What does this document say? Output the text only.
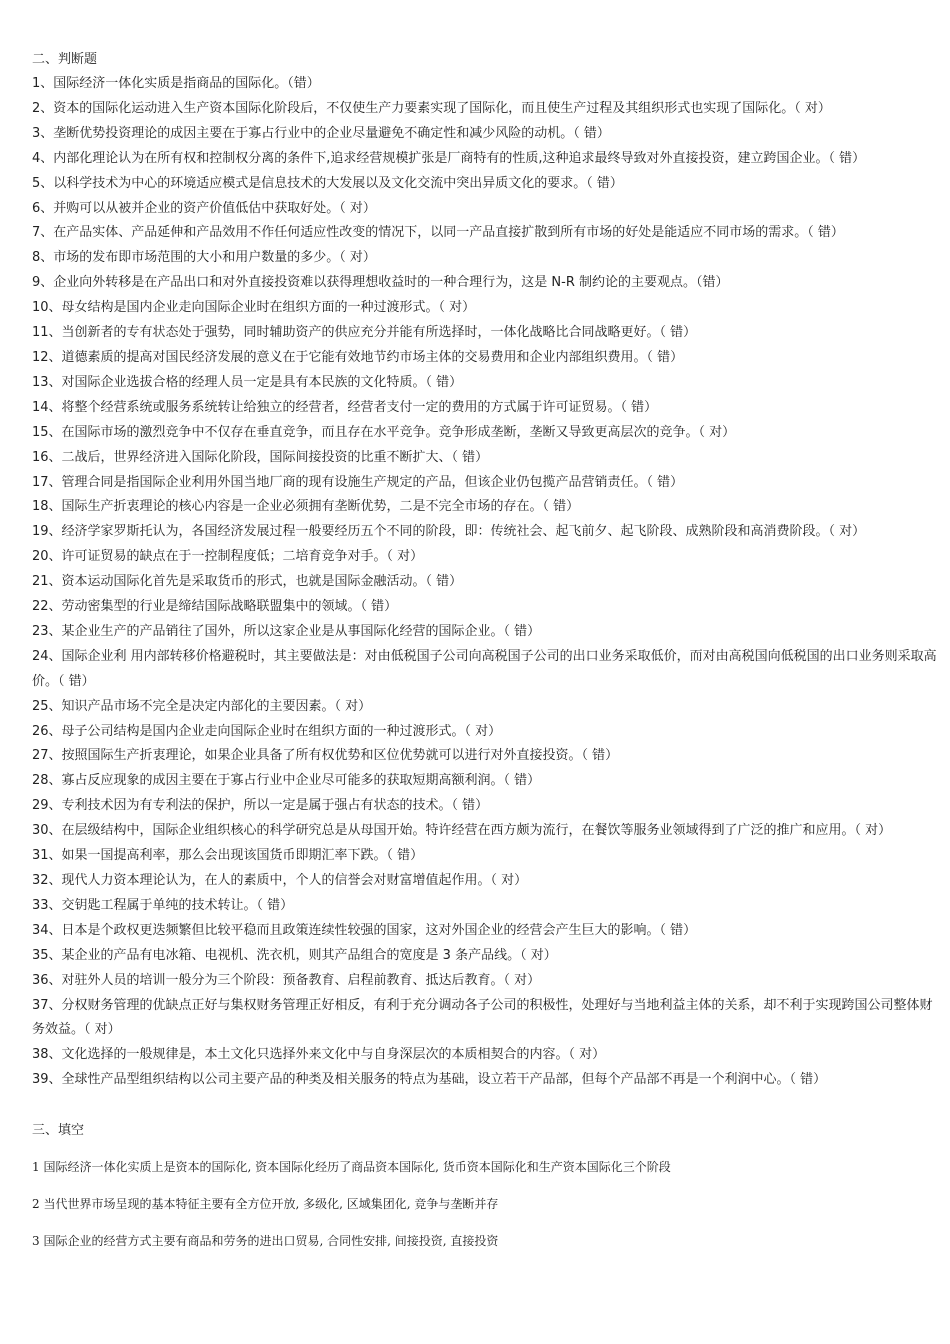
二、判断题

1、国际经济一体化实质是指商品的国际化。（错）

2、资本的国际化运动进入生产资本国际化阶段后，不仅使生产力要素实现了国际化，而且使生产过程及其组织形式也实现了国际化。（ 对）

3、垄断优势投资理论的成因主要在于寡占行业中的企业尽量避免不确定性和减少风险的动机。（ 错）

4、内部化理论认为在所有权和控制权分离的条件下,追求经营规模扩张是厂商特有的性质,这种追求最终导致对外直接投资，建立跨国企业。（ 错）

5、以科学技术为中心的环境适应模式是信息技术的大发展以及文化交流中突出异质文化的要求。（ 错）

6、并购可以从被并企业的资产价值低估中获取好处。（ 对）

7、在产品实体、产品延伸和产品效用不作任何适应性改变的情况下，以同一产品直接扩散到所有市场的好处是能适应不同市场的需求。（ 错）

8、市场的发布即市场范围的大小和用户数量的多少。（ 对）

9、企业向外转移是在产品出口和对外直接投资难以获得理想收益时的一种合理行为，这是 N-R 制约论的主要观点。（错）

10、母女结构是国内企业走向国际企业时在组织方面的一种过渡形式。（ 对）

11、当创新者的专有状态处于强势，同时辅助资产的供应充分并能有所选择时，一体化战略比合同战略更好。（ 错）

12、道德素质的提高对国民经济发展的意义在于它能有效地节约市场主体的交易费用和企业内部组织费用。（ 错）

13、对国际企业选拔合格的经理人员一定是具有本民族的文化特质。（ 错）

14、将整个经营系统或服务系统转让给独立的经营者，经营者支付一定的费用的方式属于许可证贸易。（ 错）

15、在国际市场的激烈竞争中不仅存在垂直竞争，而且存在水平竞争。竞争形成垄断，垄断又导致更高层次的竞争。（ 对）

16、二战后，世界经济进入国际化阶段，国际间接投资的比重不断扩大、（ 错）

17、管理合同是指国际企业利用外国当地厂商的现有设施生产规定的产品，但该企业仍包揽产品营销责任。（ 错）

18、国际生产折衷理论的核心内容是一企业必须拥有垄断优势，二是不完全市场的存在。（ 错）

19、经济学家罗斯托认为，各国经济发展过程一般要经历五个不同的阶段，即：传统社会、起飞前夕、起飞阶段、成熟阶段和高消费阶段。（ 对）

20、许可证贸易的缺点在于一控制程度低；二培育竞争对手。（ 对）

21、资本运动国际化首先是采取货币的形式，也就是国际金融活动。（ 错）

22、劳动密集型的行业是缔结国际战略联盟集中的领域。（ 错）

23、某企业生产的产品销往了国外，所以这家企业是从事国际化经营的国际企业。（ 错）

24、国际企业利 用内部转移价格避税时，其主要做法是：对由低税国子公司向高税国子公司的出口业务采取低价，而对由高税国向低税国的出口业务则采取高价。（ 错）

25、知识产品市场不完全是决定内部化的主要因素。（ 对）

26、母子公司结构是国内企业走向国际企业时在组织方面的一种过渡形式。（ 对）

27、按照国际生产折衷理论，如果企业具备了所有权优势和区位优势就可以进行对外直接投资。（ 错）

28、寡占反应现象的成因主要在于寡占行业中企业尽可能多的获取短期高额利润。（ 错）

29、专利技术因为有专利法的保护，所以一定是属于强占有状态的技术。（ 错）

30、在层级结构中，国际企业组织核心的科学研究总是从母国开始。特许经营在西方颇为流行，在餐饮等服务业领域得到了广泛的推广和应用。（ 对）

31、如果一国提高利率，那么会出现该国货币即期汇率下跌。（ 错）

32、现代人力资本理论认为，在人的素质中，个人的信誉会对财富增值起作用。（ 对）

33、交钥匙工程属于单纯的技术转让。（ 错）

34、日本是个政权更迭频繁但比较平稳而且政策连续性较强的国家，这对外国企业的经营会产生巨大的影响。（ 错）

35、某企业的产品有电冰箱、电视机、洗衣机，则其产品组合的宽度是 3 条产品线。（ 对）

36、对驻外人员的培训一般分为三个阶段：预备教育、启程前教育、抵达后教育。（ 对）

37、分权财务管理的优缺点正好与集权财务管理正好相反，有利于充分调动各子公司的积极性，处理好与当地利益主体的关系，却不利于实现跨国公司整体财务效益。（ 对）

38、文化选择的一般规律是，本土文化只选择外来文化中与自身深层次的本质相契合的内容。（ 对）

39、全球性产品型组织结构以公司主要产品的种类及相关服务的特点为基础，设立若干产品部，但每个产品部不再是一个利润中心。（ 错）

三、填空

1 国际经济一体化实质上是资本的国际化, 资本国际化经历了商品资本国际化, 货币资本国际化和生产资本国际化三个阶段

2 当代世界市场呈现的基本特征主要有全方位开放, 多级化, 区域集团化, 竞争与垄断并存

3 国际企业的经营方式主要有商品和劳务的进出口贸易, 合同性安排, 间接投资, 直接投资
